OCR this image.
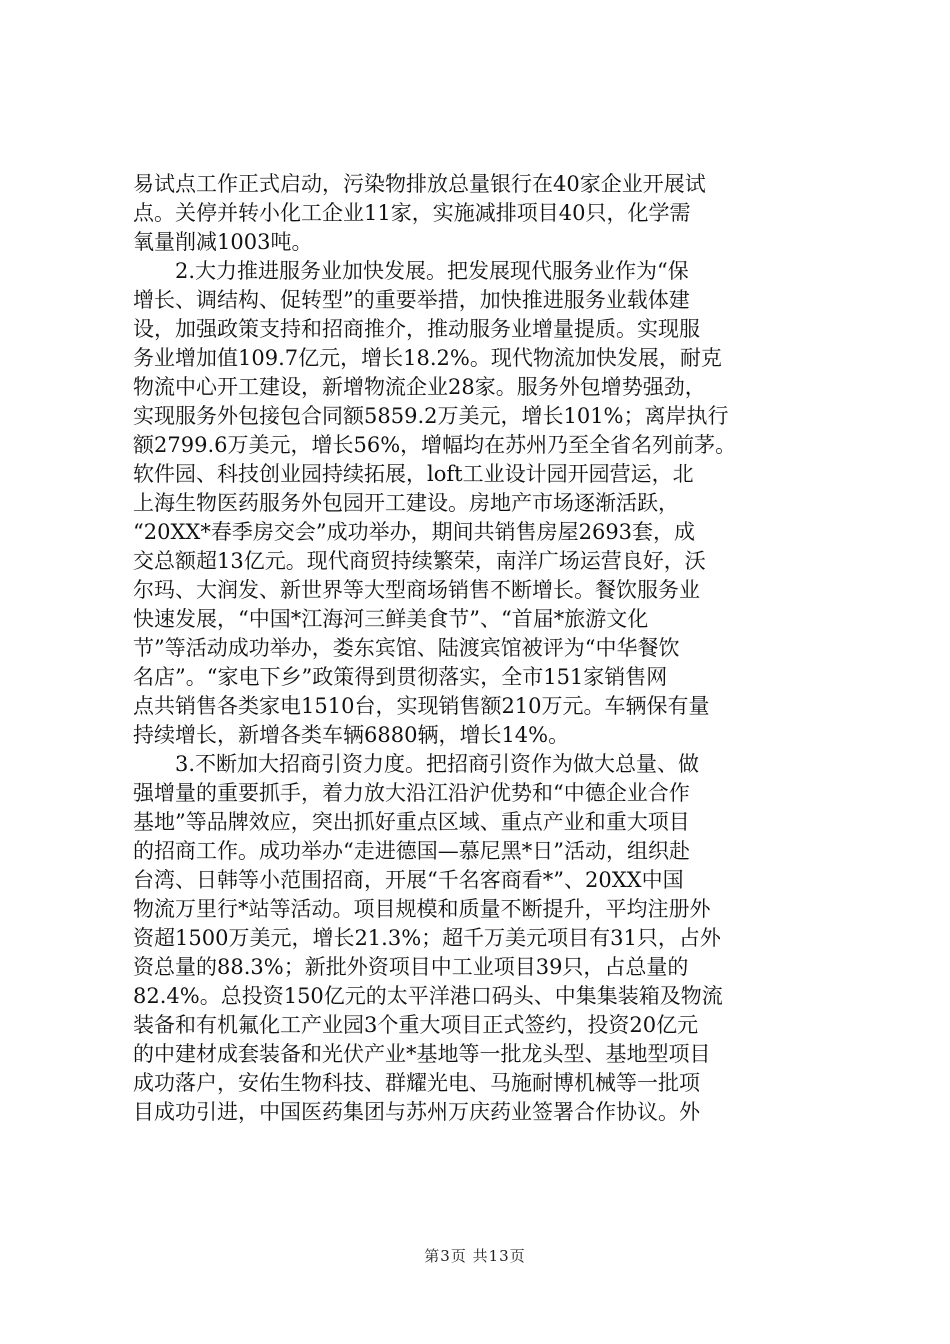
易试点工作正式启动，污染物排放总量银行在40家企业开展试
点。关停并转小化工企业11家，实施减排项目40只，化学需
氧量削减1003吨。
2.大力推进服务业加快发展。把发展现代服务业作为“保
增长、调结构、促转型”的重要举措，加快推进服务业载体建
设，加强政策支持和招商推介，推动服务业增量提质。实现服
务业增加值109.7亿元，增长18.2%。现代物流加快发展，耐克
物流中心开工建设，新增物流企业28家。服务外包增势强劲，
实现服务外包接包合同额5859.2万美元，增长101%；离岸执行
额2799.6万美元，增长56%，增幅均在苏州乃至全省名列前茅。
软件园、科技创业园持续拓展，loft工业设计园开园营运，北
上海生物医药服务外包园开工建设。房地产市场逐渐活跃，
“20XX*春季房交会”成功举办，期间共销售房屋2693套，成
交总额超13亿元。现代商贸持续繁荣，南洋广场运营良好，沃
尔玛、大润发、新世界等大型商场销售不断增长。餐饮服务业
快速发展，“中国*江海河三鲜美食节”、“首届*旅游文化
节”等活动成功举办，娄东宾馆、陆渡宾馆被评为“中华餐饮
名店”。“家电下乡”政策得到贯彻落实，全市151家销售网
点共销售各类家电1510台，实现销售额210万元。车辆保有量
持续增长，新增各类车辆6880辆，增长14%。
3.不断加大招商引资力度。把招商引资作为做大总量、做
强增量的重要抓手，着力放大沿江沿沪优势和“中德企业合作
基地”等品牌效应，突出抓好重点区域、重点产业和重大项目
的招商工作。成功举办“走进德国—慕尼黑*日”活动，组织赴
台湾、日韩等小范围招商，开展“千名客商看*”、20XX中国
物流万里行*站等活动。项目规模和质量不断提升，平均注册外
资超1500万美元，增长21.3%；超千万美元项目有31只，占外
资总量的88.3%；新批外资项目中工业项目39只，占总量的
82.4%。总投资150亿元的太平洋港口码头、中集集装箱及物流
装备和有机氟化工产业园3个重大项目正式签约，投资20亿元
的中建材成套装备和光伏产业*基地等一批龙头型、基地型项目
成功落户，安佑生物科技、群耀光电、马施耐博机械等一批项
目成功引进，中国医药集团与苏州万庆药业签署合作协议。外
第3页 共13页
